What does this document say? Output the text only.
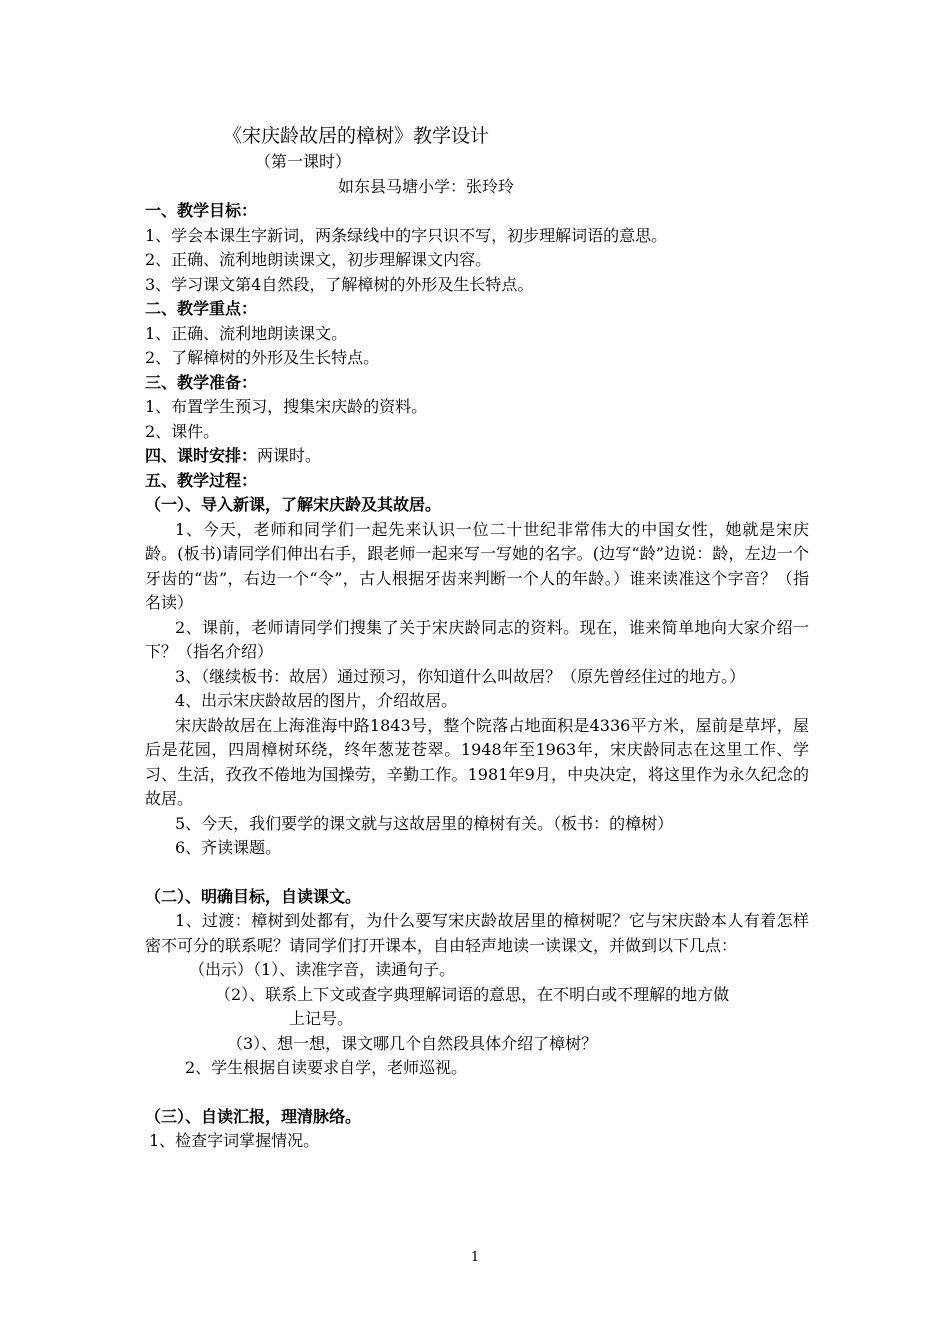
《宋庆龄故居的樟树》教学设计
（第一课时）
如东县马塘小学：张玲玲
一、教学目标：
1、学会本课生字新词，两条绿线中的字只识不写，初步理解词语的意思。
2、正确、流利地朗读课文，初步理解课文内容。
3、学习课文第4自然段，了解樟树的外形及生长特点。
二、教学重点：
1、正确、流利地朗读课文。
2、了解樟树的外形及生长特点。
三、教学准备：
1、布置学生预习，搜集宋庆龄的资料。
2、课件。
四、课时安排：两课时。
五、教学过程：
（一）、导入新课，了解宋庆龄及其故居。
1、今天，老师和同学们一起先来认识一位二十世纪非常伟大的中国女性，她就是宋庆龄。(板书)请同学们伸出右手，跟老师一起来写一写她的名字。(边写“龄”边说：龄，左边一个牙齿的“齿”，右边一个“令”，古人根据牙齿来判断一个人的年龄。）谁来读准这个字音？（指名读）
2、课前，老师请同学们搜集了关于宋庆龄同志的资料。现在，谁来简单地向大家介绍一下？（指名介绍）
3、（继续板书：故居）通过预习，你知道什么叫故居？（原先曾经住过的地方。）
4、出示宋庆龄故居的图片，介绍故居。
宋庆龄故居在上海淮海中路1843号，整个院落占地面积是4336平方米，屋前是草坪，屋后是花园，四周樟树环绕，终年葱茏苍翠。1948年至1963年，宋庆龄同志在这里工作、学习、生活，孜孜不倦地为国操劳，辛勤工作。1981年9月，中央决定，将这里作为永久纪念的故居。
5、今天，我们要学的课文就与这故居里的樟树有关。（板书：的樟树）
6、齐读课题。
（二）、明确目标，自读课文。
1、过渡：樟树到处都有，为什么要写宋庆龄故居里的樟树呢？它与宋庆龄本人有着怎样密不可分的联系呢？请同学们打开课本，自由轻声地读一读课文，并做到以下几点：
（出示）（1）、读准字音，读通句子。
（2）、联系上下文或查字典理解词语的意思，在不明白或不理解的地方做
上记号。
（3）、想一想，课文哪几个自然段具体介绍了樟树？
2、学生根据自读要求自学，老师巡视。
（三）、自读汇报，理清脉络。
1、检查字词掌握情况。
1
